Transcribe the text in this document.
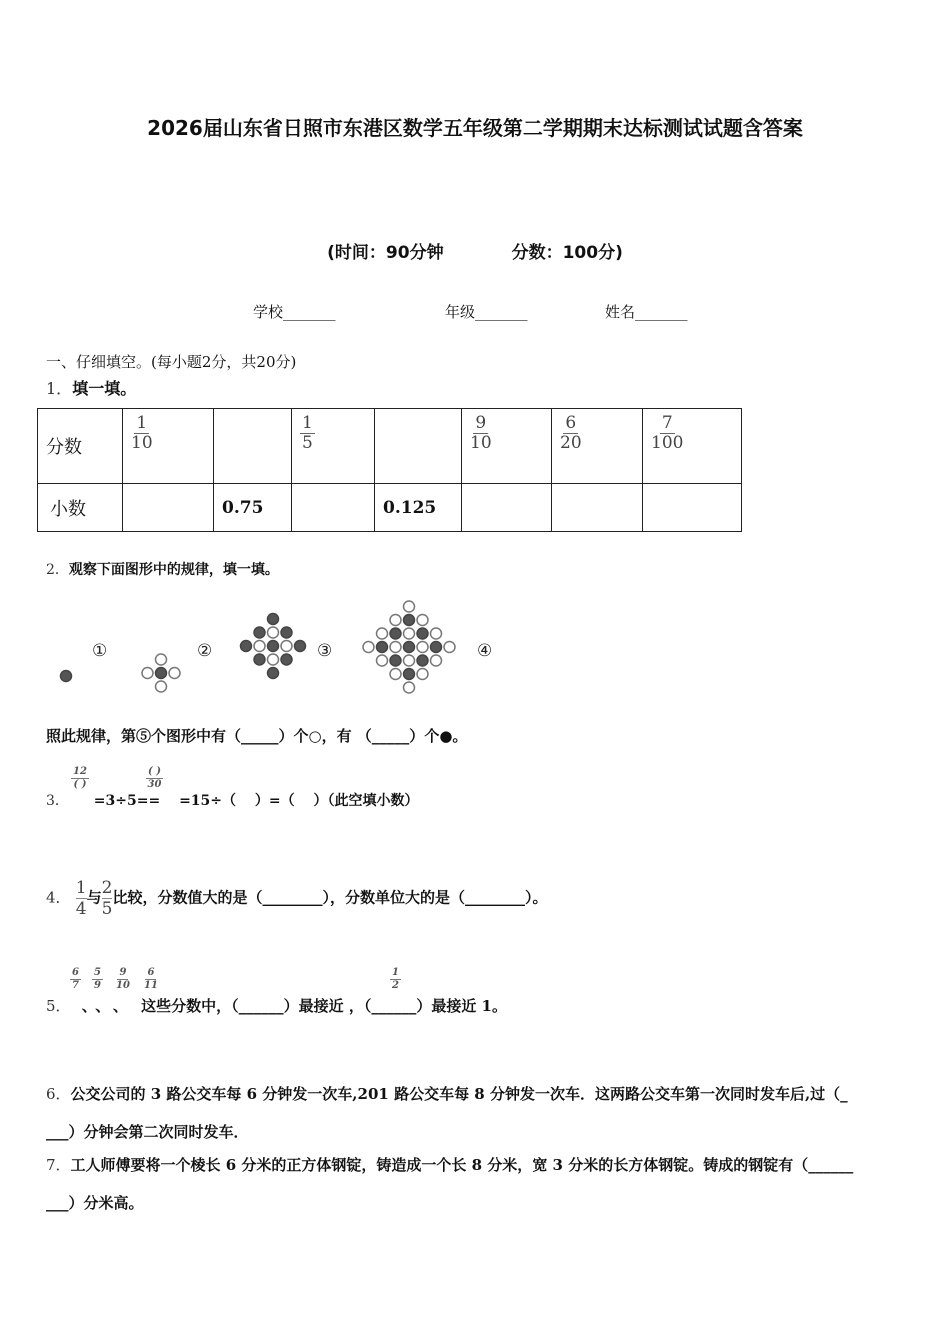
2026届山东省日照市东港区数学五年级第二学期期末达标测试试题含答案
(时间：90分钟	分数：100分)
学校_______	年级_______	姓名_______
一、仔细填空。(每小题2分，共20分)
1．填一填。
分数	$\frac{1}{10}$		$\frac{1}{5}$		$\frac{9}{10}$	$\frac{6}{20}$	$\frac{7}{100}$

小数		0.75		0.125			
2．观察下面图形中的规律，填一填。
①	②	③	④
照此规律，第⑤个图形中有（_____）个○，有 （_____）个●。
3．
12
( )
=3÷5==
( )
30
=15÷（　 ）=（　 ）（此空填小数）
4． $\frac{1}{4}$ 与 $\frac{2}{5}$ 比较，分数值大的是（________），分数单位大的是（________）。
5．
$\frac{6}{7} \frac{5}{9} \frac{9}{10} \frac{6}{11}$
、 、 、 这些分数中，（______）最接近
$\frac{1}{2}$
，（______）最接近 1。
6．公交公司的 3 路公交车每 6 分钟发一次车,201 路公交车每 8 分钟发一次车．这两路公交车第一次同时发车后,过（_
___）分钟会第二次同时发车．
7．工人师傅要将一个棱长 6 分米的正方体钢锭，铸造成一个长 8 分米，宽 3 分米的长方体钢锭。铸成的钢锭有（______
___）分米高。
